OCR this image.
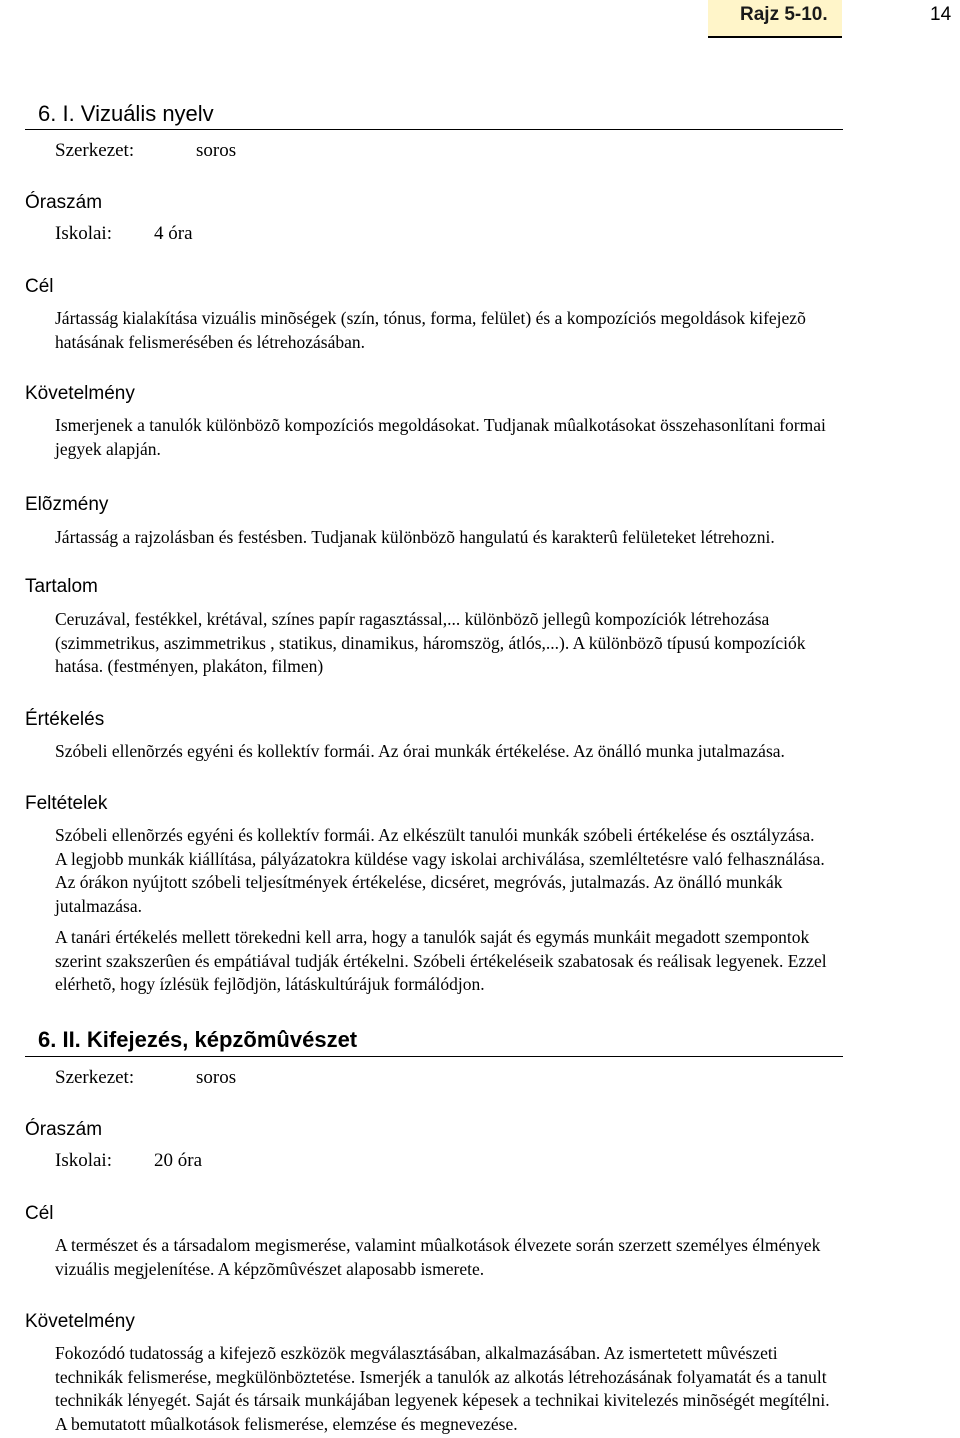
Rajz 5-10.	14
6. I. Vizuális nyelv
Szerkezet:	soros
Óraszám
Iskolai: 4 óra
Cél

Jártasság kialakítása vizuális minõségek (szín, tónus, forma, felület) és a kompozíciós megoldások kifejezõ
hatásának felismerésében és létrehozásában.

Követelmény

Ismerjenek a tanulók különbözõ kompozíciós megoldásokat. Tudjanak mûalkotásokat összehasonlítani formai
jegyek alapján.

Elõzmény

Jártasság a rajzolásban és festésben. Tudjanak különbözõ hangulatú és karakterû felületeket létrehozni.

Tartalom

Ceruzával, festékkel, krétával, színes papír ragasztással,... különbözõ jellegû kompozíciók létrehozása
(szimmetrikus, aszimmetrikus , statikus, dinamikus, háromszög, átlós,...). A különbözõ típusú kompozíciók
hatása. (festményen, plakáton, filmen)

Értékelés

Szóbeli ellenõrzés egyéni és kollektív formái. Az órai munkák értékelése. Az önálló munka jutalmazása.

Feltételek

Szóbeli ellenõrzés egyéni és kollektív formái. Az elkészült tanulói munkák szóbeli értékelése és osztályzása.
A legjobb munkák kiállítása, pályázatokra küldése vagy iskolai archiválása, szemléltetésre való felhasználása.
Az órákon nyújtott szóbeli teljesítmények értékelése, dicséret, megróvás, jutalmazás. Az önálló munkák
jutalmazása.

A tanári értékelés mellett törekedni kell arra, hogy a tanulók saját és egymás munkáit megadott szempontok
szerint szakszerûen és empátiával tudják értékelni. Szóbeli értékeléseik szabatosak és reálisak legyenek. Ezzel
elérhetõ, hogy ízlésük fejlõdjön, látáskultúrájuk formálódjon.

6. II. Kifejezés, képzõmûvészet
Szerkezet:	soros
Óraszám
Iskolai: 20 óra
Cél

A természet és a társadalom megismerése, valamint mûalkotások élvezete során szerzett személyes élmények
vizuális megjelenítése. A képzõmûvészet alaposabb ismerete.

Követelmény

Fokozódó tudatosság a kifejezõ eszközök megválasztásában, alkalmazásában. Az ismertetett mûvészeti
technikák felismerése, megkülönböztetése. Ismerjék a tanulók az alkotás létrehozásának folyamatát és a tanult
technikák lényegét. Saját és társaik munkájában legyenek képesek a technikai kivitelezés minõségét megítélni.
A bemutatott mûalkotások felismerése, elemzése és megnevezése.
